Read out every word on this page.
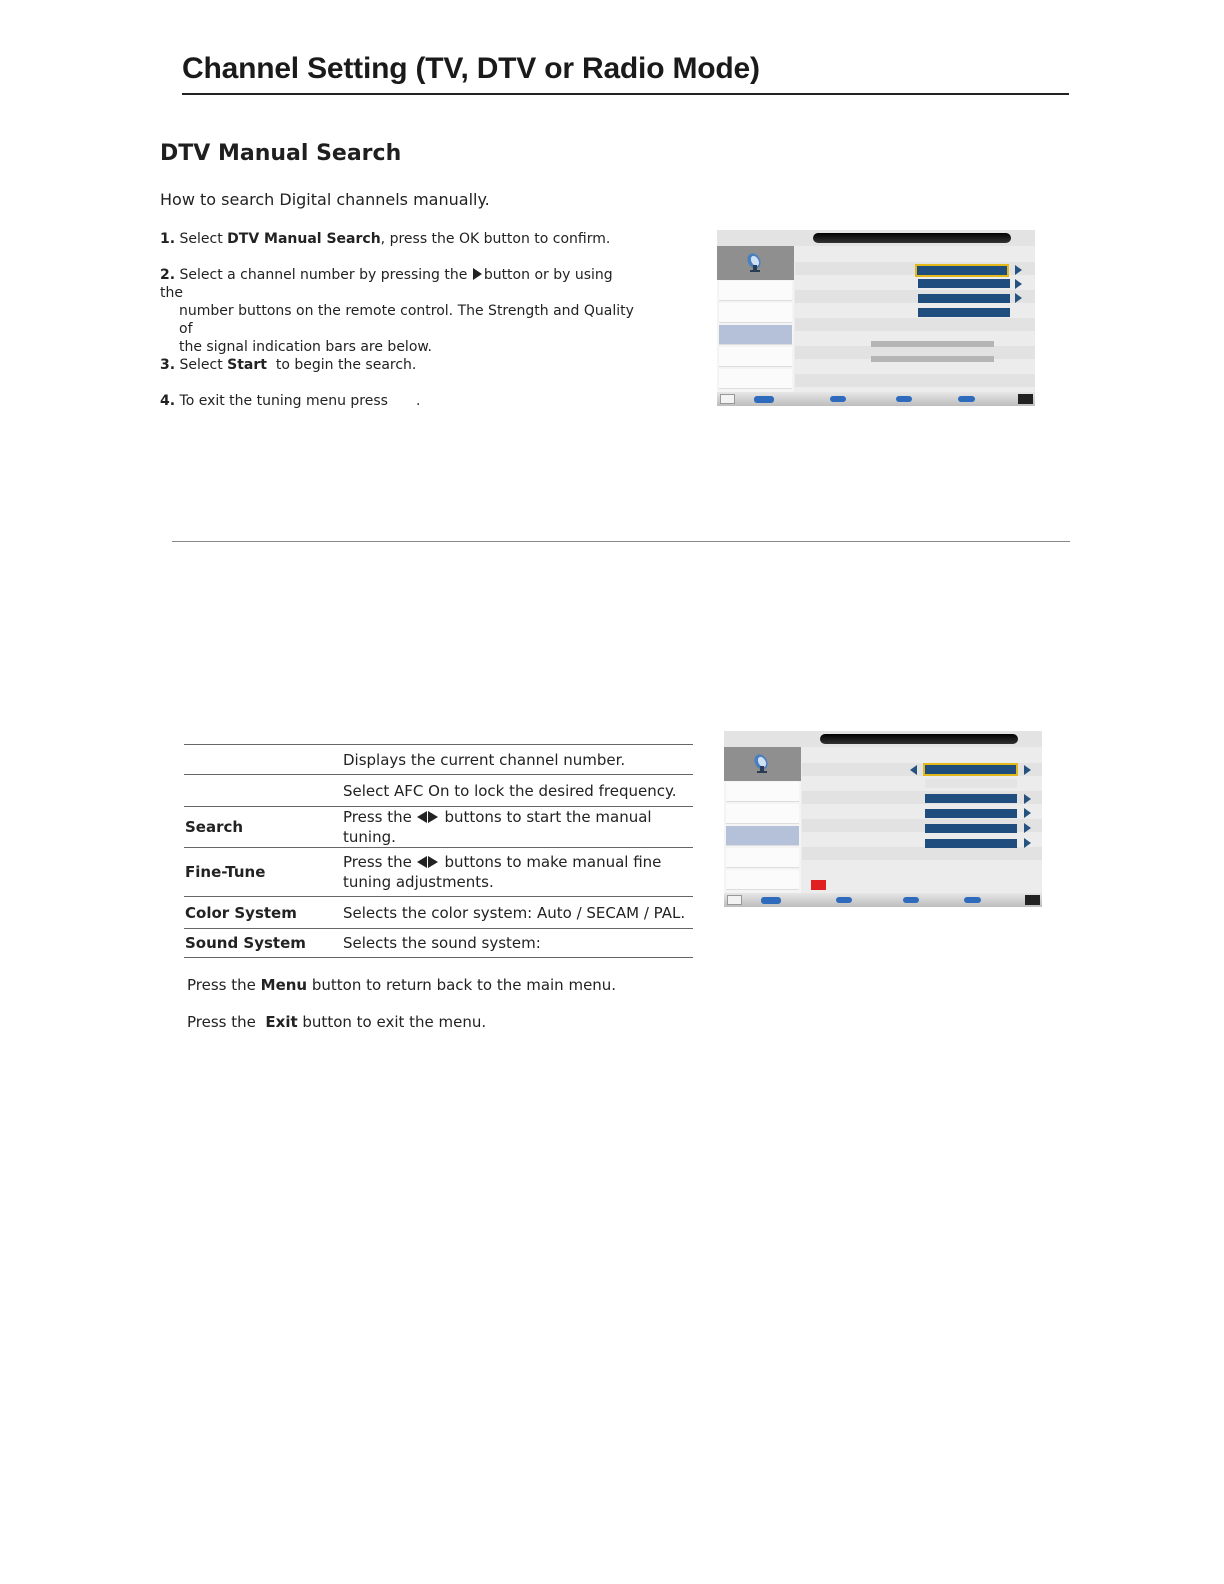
Channel Setting (TV, DTV or Radio Mode)
DTV Manual Search
How to search Digital channels manually.
1. Select DTV Manual Search, press the OK button to confirm.
2. Select a channel number by pressing the button or by using the
number buttons on the remote control. The Strength and Quality of
the signal indication bars are below.
3. Select Start  to begin the search.
4. To exit the tuning menu press .
	Displays the current channel number.
	Select AFC On to lock the desired frequency.
Search	Press the buttons to start the manual tuning.
Fine-Tune	Press the buttons to make manual fine
tuning adjustments.
Color System	Selects the color system: Auto / SECAM / PAL.
Sound System	Selects the sound system:
Press the Menu button to return back to the main menu.
Press the  Exit button to exit the menu.
